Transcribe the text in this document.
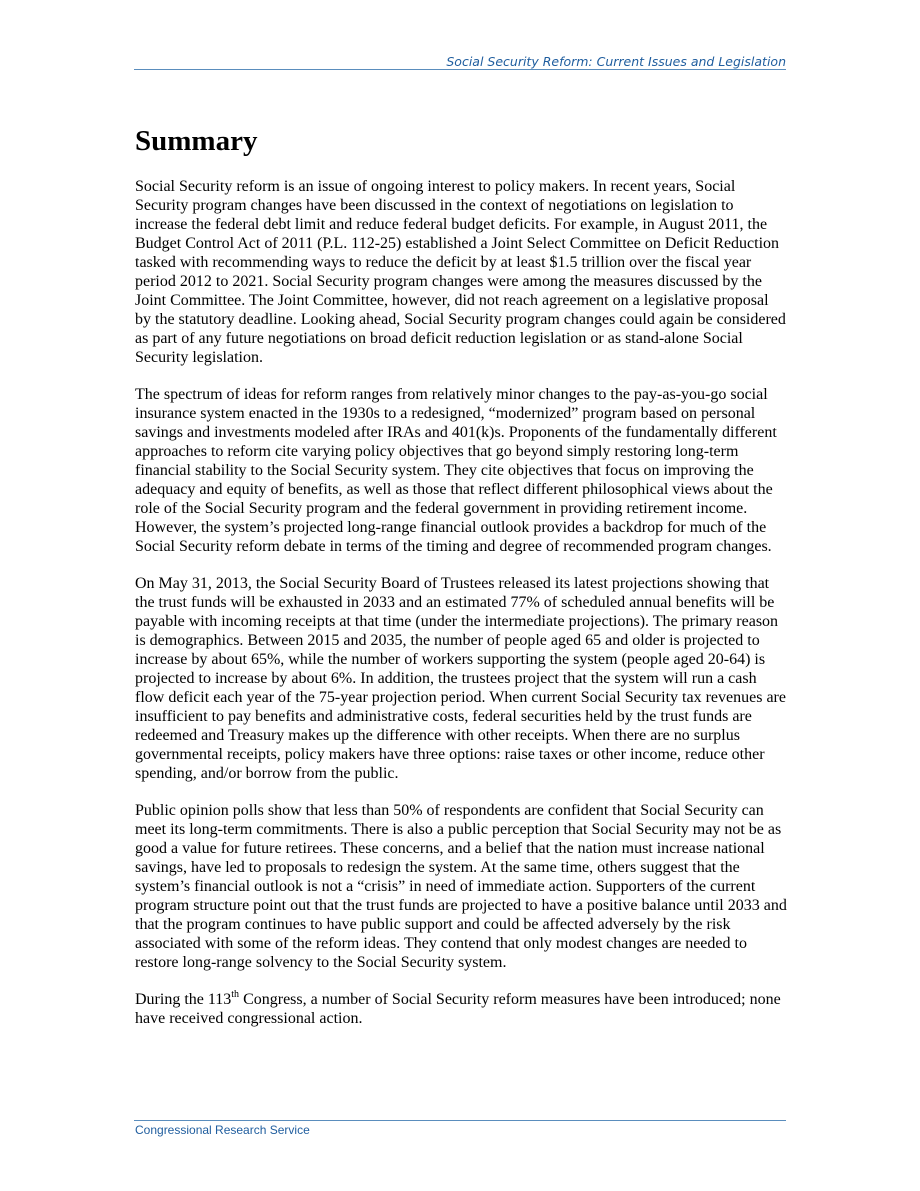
Social Security Reform: Current Issues and Legislation
Summary

Social Security reform is an issue of ongoing interest to policy makers. In recent years, Social Security program changes have been discussed in the context of negotiations on legislation to increase the federal debt limit and reduce federal budget deficits. For example, in August 2011, the Budget Control Act of 2011 (P.L. 112-25) established a Joint Select Committee on Deficit Reduction tasked with recommending ways to reduce the deficit by at least $1.5 trillion over the fiscal year period 2012 to 2021. Social Security program changes were among the measures discussed by the Joint Committee. The Joint Committee, however, did not reach agreement on a legislative proposal by the statutory deadline. Looking ahead, Social Security program changes could again be considered as part of any future negotiations on broad deficit reduction legislation or as stand-alone Social Security legislation.

The spectrum of ideas for reform ranges from relatively minor changes to the pay-as-you-go social insurance system enacted in the 1930s to a redesigned, “modernized” program based on personal savings and investments modeled after IRAs and 401(k)s. Proponents of the fundamentally different approaches to reform cite varying policy objectives that go beyond simply restoring long-term financial stability to the Social Security system. They cite objectives that focus on improving the adequacy and equity of benefits, as well as those that reflect different philosophical views about the role of the Social Security program and the federal government in providing retirement income. However, the system’s projected long-range financial outlook provides a backdrop for much of the Social Security reform debate in terms of the timing and degree of recommended program changes.

On May 31, 2013, the Social Security Board of Trustees released its latest projections showing that the trust funds will be exhausted in 2033 and an estimated 77% of scheduled annual benefits will be payable with incoming receipts at that time (under the intermediate projections). The primary reason is demographics. Between 2015 and 2035, the number of people aged 65 and older is projected to increase by about 65%, while the number of workers supporting the system (people aged 20-64) is projected to increase by about 6%. In addition, the trustees project that the system will run a cash flow deficit each year of the 75-year projection period. When current Social Security tax revenues are insufficient to pay benefits and administrative costs, federal securities held by the trust funds are redeemed and Treasury makes up the difference with other receipts. When there are no surplus governmental receipts, policy makers have three options: raise taxes or other income, reduce other spending, and/or borrow from the public.

Public opinion polls show that less than 50% of respondents are confident that Social Security can meet its long-term commitments. There is also a public perception that Social Security may not be as good a value for future retirees. These concerns, and a belief that the nation must increase national savings, have led to proposals to redesign the system. At the same time, others suggest that the system’s financial outlook is not a “crisis” in need of immediate action. Supporters of the current program structure point out that the trust funds are projected to have a positive balance until 2033 and that the program continues to have public support and could be affected adversely by the risk associated with some of the reform ideas. They contend that only modest changes are needed to restore long-range solvency to the Social Security system.

During the 113th Congress, a number of Social Security reform measures have been introduced; none have received congressional action.

Congressional Research Service
